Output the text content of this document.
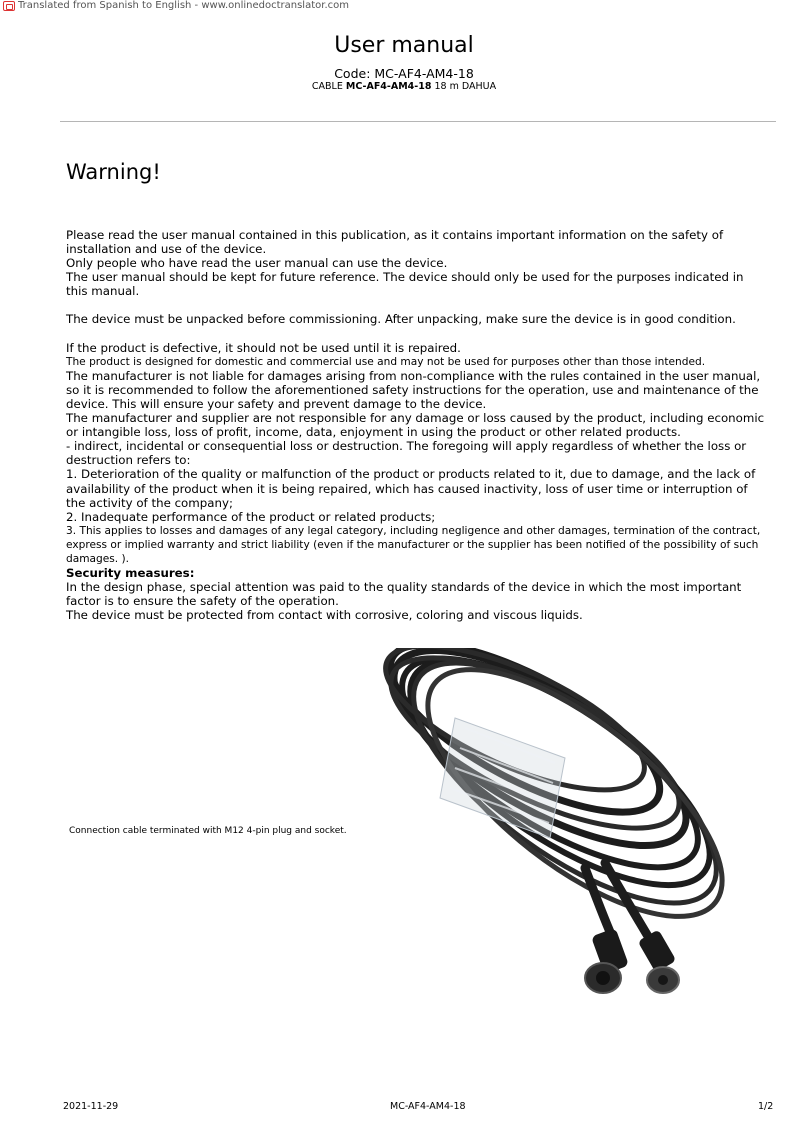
Translated from Spanish to English - www.onlinedoctranslator.com
User manual
Code: MC-AF4-AM4-18
CABLE MC-AF4-AM4-18 18 m DAHUA
Warning!

Please read the user manual contained in this publication, as it contains important information on the safety of installation and use of the device.

Only people who have read the user manual can use the device.

The user manual should be kept for future reference. The device should only be used for the purposes indicated in this manual.

The device must be unpacked before commissioning. After unpacking, make sure the device is in good condition.

If the product is defective, it should not be used until it is repaired.

The product is designed for domestic and commercial use and may not be used for purposes other than those intended.

The manufacturer is not liable for damages arising from non-compliance with the rules contained in the user manual, so it is recommended to follow the aforementioned safety instructions for the operation, use and maintenance of the device. This will ensure your safety and prevent damage to the device.

The manufacturer and supplier are not responsible for any damage or loss caused by the product, including economic or intangible loss, loss of profit, income, data, enjoyment in using the product or other related products.

- indirect, incidental or consequential loss or destruction. The foregoing will apply regardless of whether the loss or destruction refers to:

1. Deterioration of the quality or malfunction of the product or products related to it, due to damage, and the lack of availability of the product when it is being repaired, which has caused inactivity, loss of user time or interruption of the activity of the company;

2. Inadequate performance of the product or related products;

3. This applies to losses and damages of any legal category, including negligence and other damages, termination of the contract, express or implied warranty and strict liability (even if the manufacturer or the supplier has been notified of the possibility of such damages. ).

Security measures:

In the design phase, special attention was paid to the quality standards of the device in which the most important factor is to ensure the safety of the operation.

The device must be protected from contact with corrosive, coloring and viscous liquids.

Connection cable terminated with M12 4-pin plug and socket.
2021-11-29	MC-AF4-AM4-18	1/2
